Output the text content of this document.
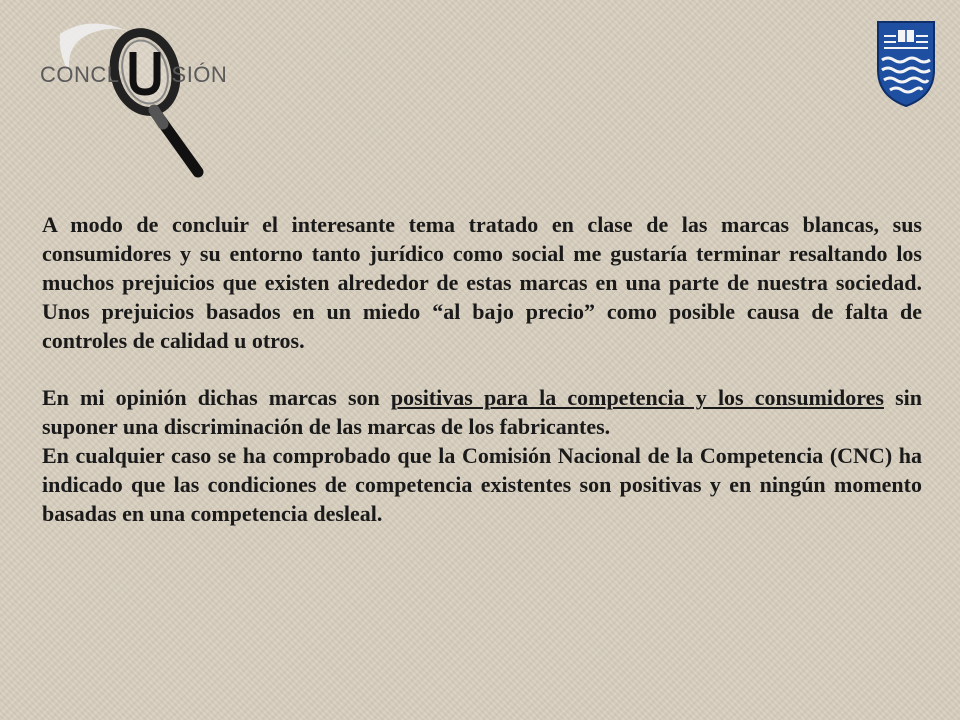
CONCL SIÓN

A modo de concluir el interesante tema tratado en clase de las marcas blancas, sus consumidores y su entorno tanto jurídico como social me gustaría terminar resaltando los muchos prejuicios que existen alrededor de estas marcas en una parte de nuestra sociedad. Unos prejuicios basados en un miedo “al bajo precio” como posible causa de falta de controles de calidad u otros.

En mi opinión dichas marcas son positivas para la competencia y los consumidores sin suponer una discriminación de las marcas de los fabricantes.

En cualquier caso se ha comprobado que la Comisión Nacional de la Competencia (CNC) ha indicado que las condiciones de competencia existentes son positivas y en ningún momento basadas en una competencia desleal.
